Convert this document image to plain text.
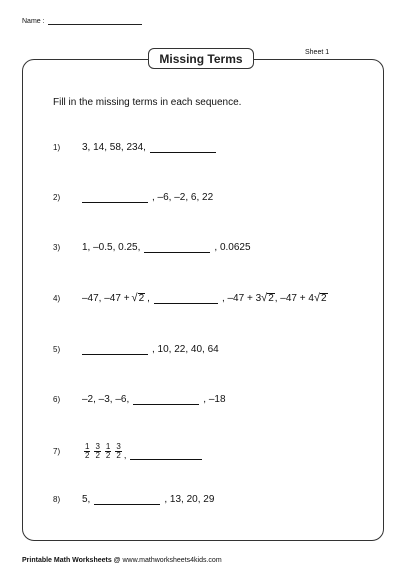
Name :
Sheet 1
Missing Terms
Fill in the missing terms in each sequence.
1)	3, 14, 58, 234,
2)	, –6, –2, 6, 22
3)	1, –0.5, 0.25,	, 0.0625
4)	–47, –47 + √ 2 ,	, –47 + 3 √ 2 , –47 + 4 √ 2
5)	, 10, 22, 40, 64
6)	–2, –3, –6,	, –18
7)	$\frac{1}{2} \frac{3}{2} \frac{1}{2} \frac{3}{2}$ ,
8)	5,	, 13, 20, 29
Printable Math Worksheets @ www.mathworksheets4kids.com
